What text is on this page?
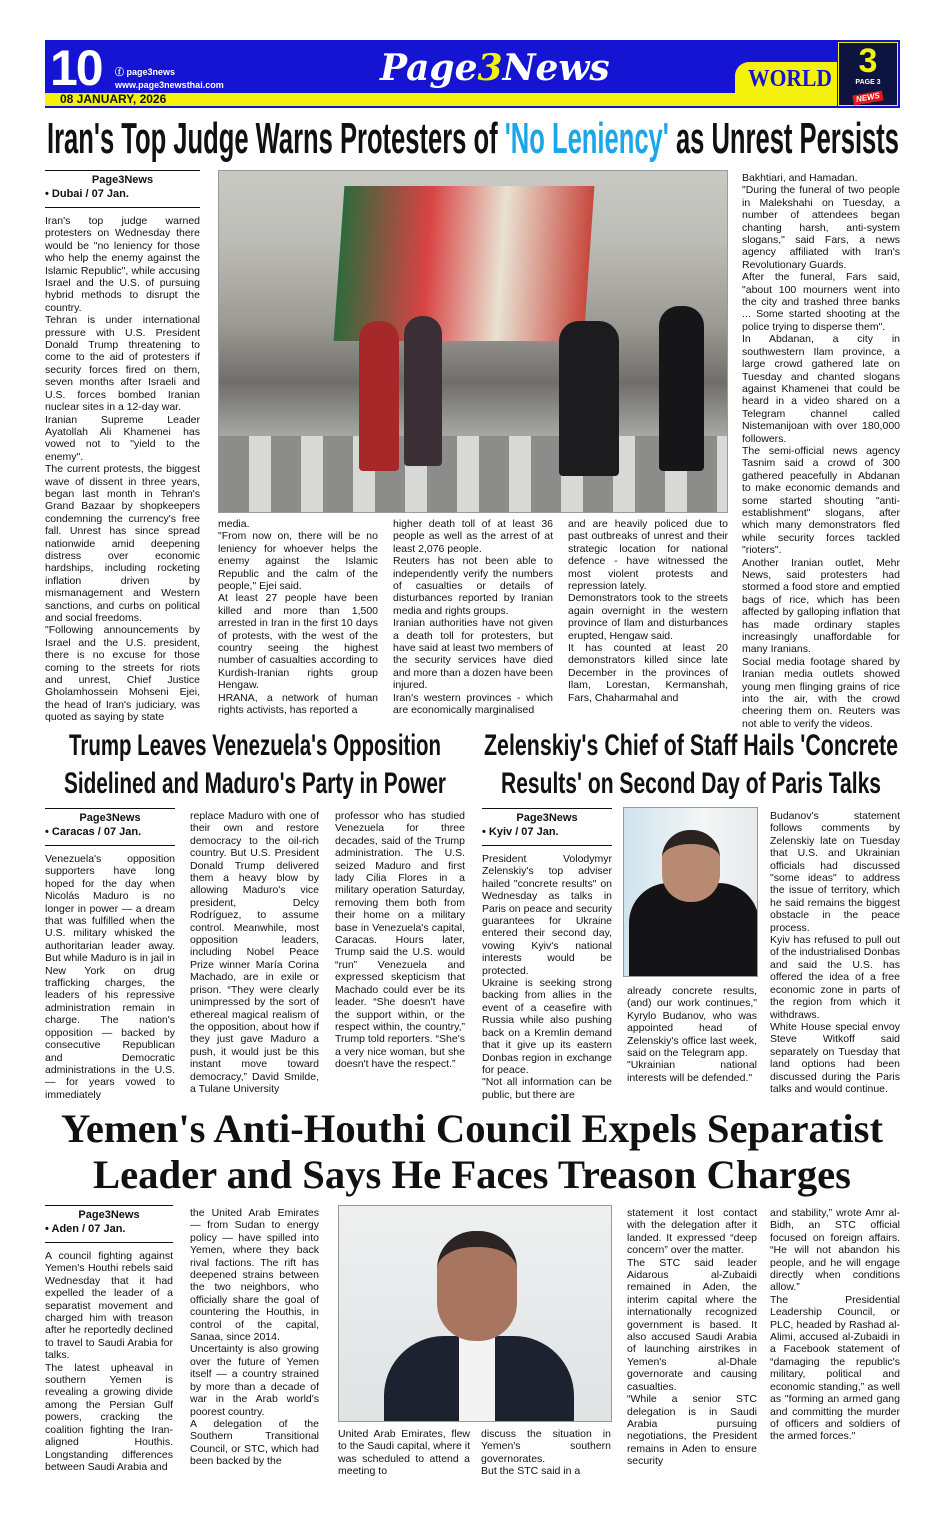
10 ⓕ page3news
www.page3newsthai.com
08 JANUARY, 2026
Page3News	WORLD 3
PAGE 3
NEWS
Iran's Top Judge Warns Protesters of 'No Leniency' as Unrest Persists
Page3News
• Dubai / 07 Jan.

Iran's top judge warned protesters on Wednesday there would be "no leniency for those who help the enemy against the Islamic Republic", while accusing Israel and the U.S. of pursuing hybrid methods to disrupt the country.

Tehran is under international pressure with U.S. President Donald Trump threatening to come to the aid of protesters if security forces fired on them, seven months after Israeli and U.S. forces bombed Iranian nuclear sites in a 12-day war.

Iranian Supreme Leader Ayatollah Ali Khamenei has vowed not to "yield to the enemy".

The current protests, the biggest wave of dissent in three years, began last month in Tehran's Grand Bazaar by shopkeepers condemning the currency's free fall. Unrest has since spread nationwide amid deepening distress over economic hardships, including rocketing inflation driven by mismanagement and Western sanctions, and curbs on political and social freedoms.

"Following announcements by Israel and the U.S. president, there is no excuse for those coming to the streets for riots and unrest, Chief Justice Gholamhossein Mohseni Ejei, the head of Iran's judiciary, was quoted as saying by state

media.

"From now on, there will be no leniency for whoever helps the enemy against the Islamic Republic and the calm of the people," Ejei said.

At least 27 people have been killed and more than 1,500 arrested in Iran in the first 10 days of protests, with the west of the country seeing the highest number of casualties according to Kurdish-Iranian rights group Hengaw.

HRANA, a network of human rights activists, has reported a

higher death toll of at least 36 people as well as the arrest of at least 2,076 people.

Reuters has not been able to independently verify the numbers of casualties or details of disturbances reported by Iranian media and rights groups.

Iranian authorities have not given a death toll for protesters, but have said at least two members of the security services have died and more than a dozen have been injured.

Iran's western provinces - which are economically marginalised

and are heavily policed due to past outbreaks of unrest and their strategic location for national defence - have witnessed the most violent protests and repression lately.

Demonstrators took to the streets again overnight in the western province of Ilam and disturbances erupted, Hengaw said.

It has counted at least 20 demonstrators killed since late December in the provinces of Ilam, Lorestan, Kermanshah, Fars, Chaharmahal and

Bakhtiari, and Hamadan.

"During the funeral of two people in Malekshahi on Tuesday, a number of attendees began chanting harsh, anti-system slogans," said Fars, a news agency affiliated with Iran's Revolutionary Guards.

After the funeral, Fars said, "about 100 mourners went into the city and trashed three banks ... Some started shooting at the police trying to disperse them".

In Abdanan, a city in southwestern Ilam province, a large crowd gathered late on Tuesday and chanted slogans against Khamenei that could be heard in a video shared on a Telegram channel called Nistemanijoan with over 180,000 followers.

The semi-official news agency Tasnim said a crowd of 300 gathered peacefully in Abdanan to make economic demands and some started shouting "anti-establishment" slogans, after which many demonstrators fled while security forces tackled "rioters".

Another Iranian outlet, Mehr News, said protesters had stormed a food store and emptied bags of rice, which has been affected by galloping inflation that has made ordinary staples increasingly unaffordable for many Iranians.

Social media footage shared by Iranian media outlets showed young men flinging grains of rice into the air, with the crowd cheering them on. Reuters was not able to verify the videos.

Trump Leaves Venezuela's Opposition
Sidelined and Maduro's Party in Power
Page3News
• Caracas / 07 Jan.

Venezuela's opposition supporters have long hoped for the day when Nicolás Maduro is no longer in power — a dream that was fulfilled when the U.S. military whisked the authoritarian leader away. But while Maduro is in jail in New York on drug trafficking charges, the leaders of his repressive administration remain in charge. The nation's opposition — backed by consecutive Republican and Democratic administrations in the U.S. — for years vowed to immediately

replace Maduro with one of their own and restore democracy to the oil-rich country. But U.S. President Donald Trump delivered them a heavy blow by allowing Maduro's vice president, Delcy Rodríguez, to assume control. Meanwhile, most opposition leaders, including Nobel Peace Prize winner María Corina Machado, are in exile or prison. “They were clearly unimpressed by the sort of ethereal magical realism of the opposition, about how if they just gave Maduro a push, it would just be this instant move toward democracy,” David Smilde, a Tulane University

professor who has studied Venezuela for three decades, said of the Trump administration. The U.S. seized Maduro and first lady Cilia Flores in a military operation Saturday, removing them both from their home on a military base in Venezuela's capital, Caracas. Hours later, Trump said the U.S. would “run” Venezuela and expressed skepticism that Machado could ever be its leader. “She doesn't have the support within, or the respect within, the country,” Trump told reporters. “She's a very nice woman, but she doesn't have the respect.”

Zelenskiy's Chief of Staff Hails 'Concrete
Results' on Second Day of Paris Talks
Page3News
• Kyiv / 07 Jan.

President Volodymyr Zelenskiy's top adviser hailed "concrete results" on Wednesday as talks in Paris on peace and security guarantees for Ukraine entered their second day, vowing Kyiv's national interests would be protected.

Ukraine is seeking strong backing from allies in the event of a ceasefire with Russia while also pushing back on a Kremlin demand that it give up its eastern Donbas region in exchange for peace.

"Not all information can be public, but there are

already concrete results, (and) our work continues," Kyrylo Budanov, who was appointed head of Zelenskiy's office last week, said on the Telegram app.

"Ukrainian national interests will be defended."

Budanov's statement follows comments by Zelenskiy late on Tuesday that U.S. and Ukrainian officials had discussed "some ideas" to address the issue of territory, which he said remains the biggest obstacle in the peace process.

Kyiv has refused to pull out of the industrialised Donbas and said the U.S. has offered the idea of a free economic zone in parts of the region from which it withdraws.

White House special envoy Steve Witkoff said separately on Tuesday that land options had been discussed during the Paris talks and would continue.

Yemen's Anti-Houthi Council Expels Separatist
Leader and Says He Faces Treason Charges
Page3News
• Aden / 07 Jan.

A council fighting against Yemen's Houthi rebels said Wednesday that it had expelled the leader of a separatist movement and charged him with treason after he reportedly declined to travel to Saudi Arabia for talks.

The latest upheaval in southern Yemen is revealing a growing divide among the Persian Gulf powers, cracking the coalition fighting the Iran-aligned Houthis. Longstanding differences between Saudi Arabia and

the United Arab Emirates — from Sudan to energy policy — have spilled into Yemen, where they back rival factions. The rift has deepened strains between the two neighbors, who officially share the goal of countering the Houthis, in control of the capital, Sanaa, since 2014.

Uncertainty is also growing over the future of Yemen itself — a country strained by more than a decade of war in the Arab world's poorest country.

A delegation of the Southern Transitional Council, or STC, which had been backed by the

United Arab Emirates, flew to the Saudi capital, where it was scheduled to attend a meeting to

discuss the situation in Yemen's southern governorates.

But the STC said in a

statement it lost contact with the delegation after it landed. It expressed “deep concern” over the matter.

The STC said leader Aidarous al-Zubaidi remained in Aden, the interim capital where the internationally recognized government is based. It also accused Saudi Arabia of launching airstrikes in Yemen's al-Dhale governorate and causing casualties.

“While a senior STC delegation is in Saudi Arabia pursuing negotiations, the President remains in Aden to ensure security

and stability,” wrote Amr al-Bidh, an STC official focused on foreign affairs. “He will not abandon his people, and he will engage directly when conditions allow.”

The Presidential Leadership Council, or PLC, headed by Rashad al-Alimi, accused al-Zubaidi in a Facebook statement of “damaging the republic's military, political and economic standing,” as well as "forming an armed gang and committing the murder of officers and soldiers of the armed forces."
